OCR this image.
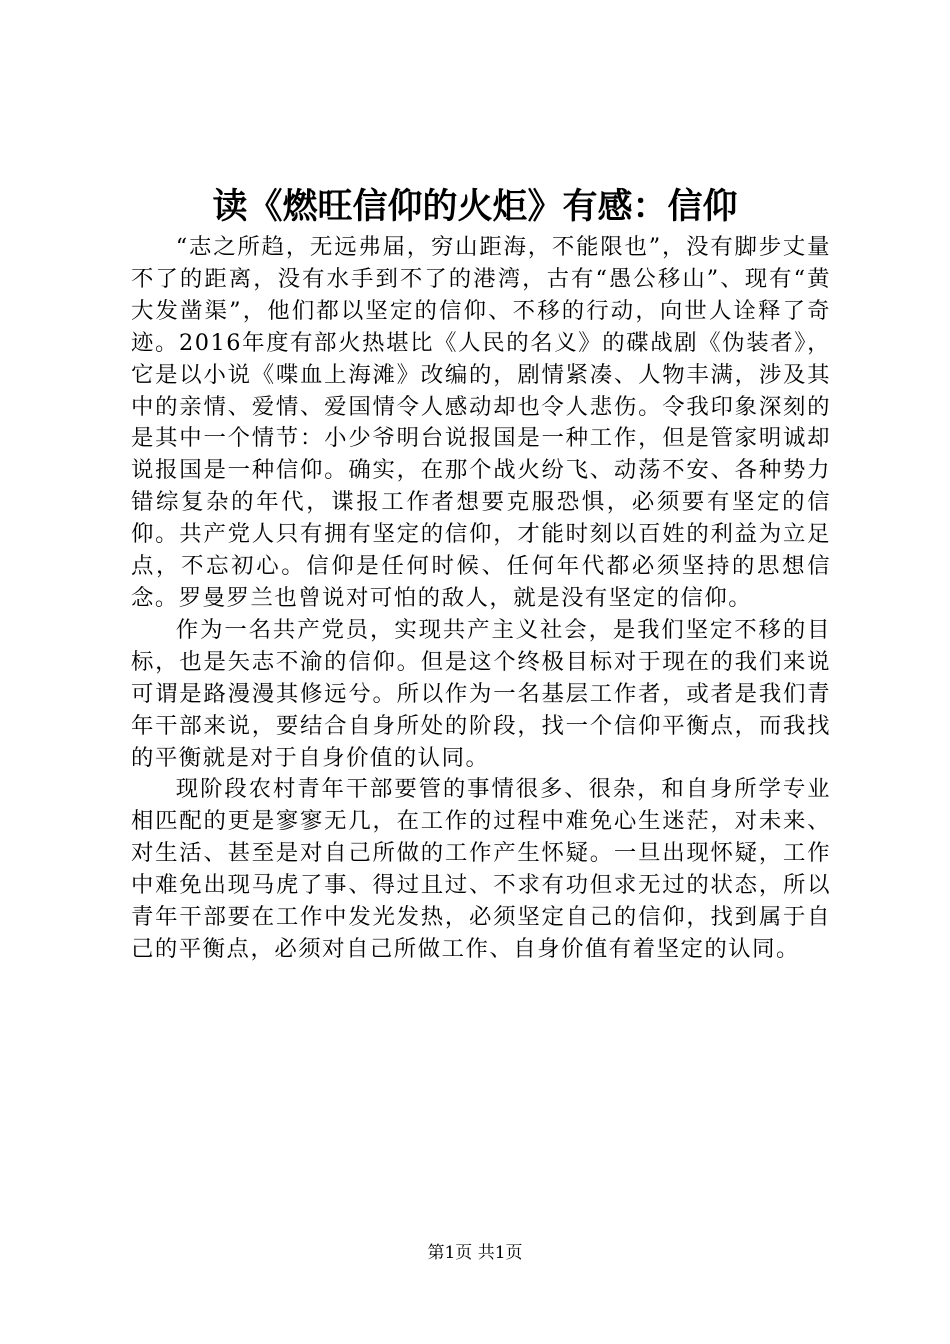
读《燃旺信仰的火炬》有感：信仰

“志之所趋，无远弗届，穷山距海，不能限也”，没有脚步丈量不了的距离，没有水手到不了的港湾，古有“愚公移山”、现有“黄大发凿渠”，他们都以坚定的信仰、不移的行动，向世人诠释了奇迹。2016年度有部火热堪比《人民的名义》的碟战剧《伪装者》，它是以小说《喋血上海滩》改编的，剧情紧凑、人物丰满，涉及其中的亲情、爱情、爱国情令人感动却也令人悲伤。令我印象深刻的是其中一个情节：小少爷明台说报国是一种工作，但是管家明诚却说报国是一种信仰。确实，在那个战火纷飞、动荡不安、各种势力错综复杂的年代，谍报工作者想要克服恐惧，必须要有坚定的信仰。共产党人只有拥有坚定的信仰，才能时刻以百姓的利益为立足点，不忘初心。信仰是任何时候、任何年代都必须坚持的思想信念。罗曼罗兰也曾说对可怕的敌人，就是没有坚定的信仰。

作为一名共产党员，实现共产主义社会，是我们坚定不移的目标，也是矢志不渝的信仰。但是这个终极目标对于现在的我们来说可谓是路漫漫其修远兮。所以作为一名基层工作者，或者是我们青年干部来说，要结合自身所处的阶段，找一个信仰平衡点，而我找的平衡就是对于自身价值的认同。

现阶段农村青年干部要管的事情很多、很杂，和自身所学专业相匹配的更是寥寥无几，在工作的过程中难免心生迷茫，对未来、对生活、甚至是对自己所做的工作产生怀疑。一旦出现怀疑，工作中难免出现马虎了事、得过且过、不求有功但求无过的状态，所以青年干部要在工作中发光发热，必须坚定自己的信仰，找到属于自己的平衡点，必须对自己所做工作、自身价值有着坚定的认同。

第1页 共1页
